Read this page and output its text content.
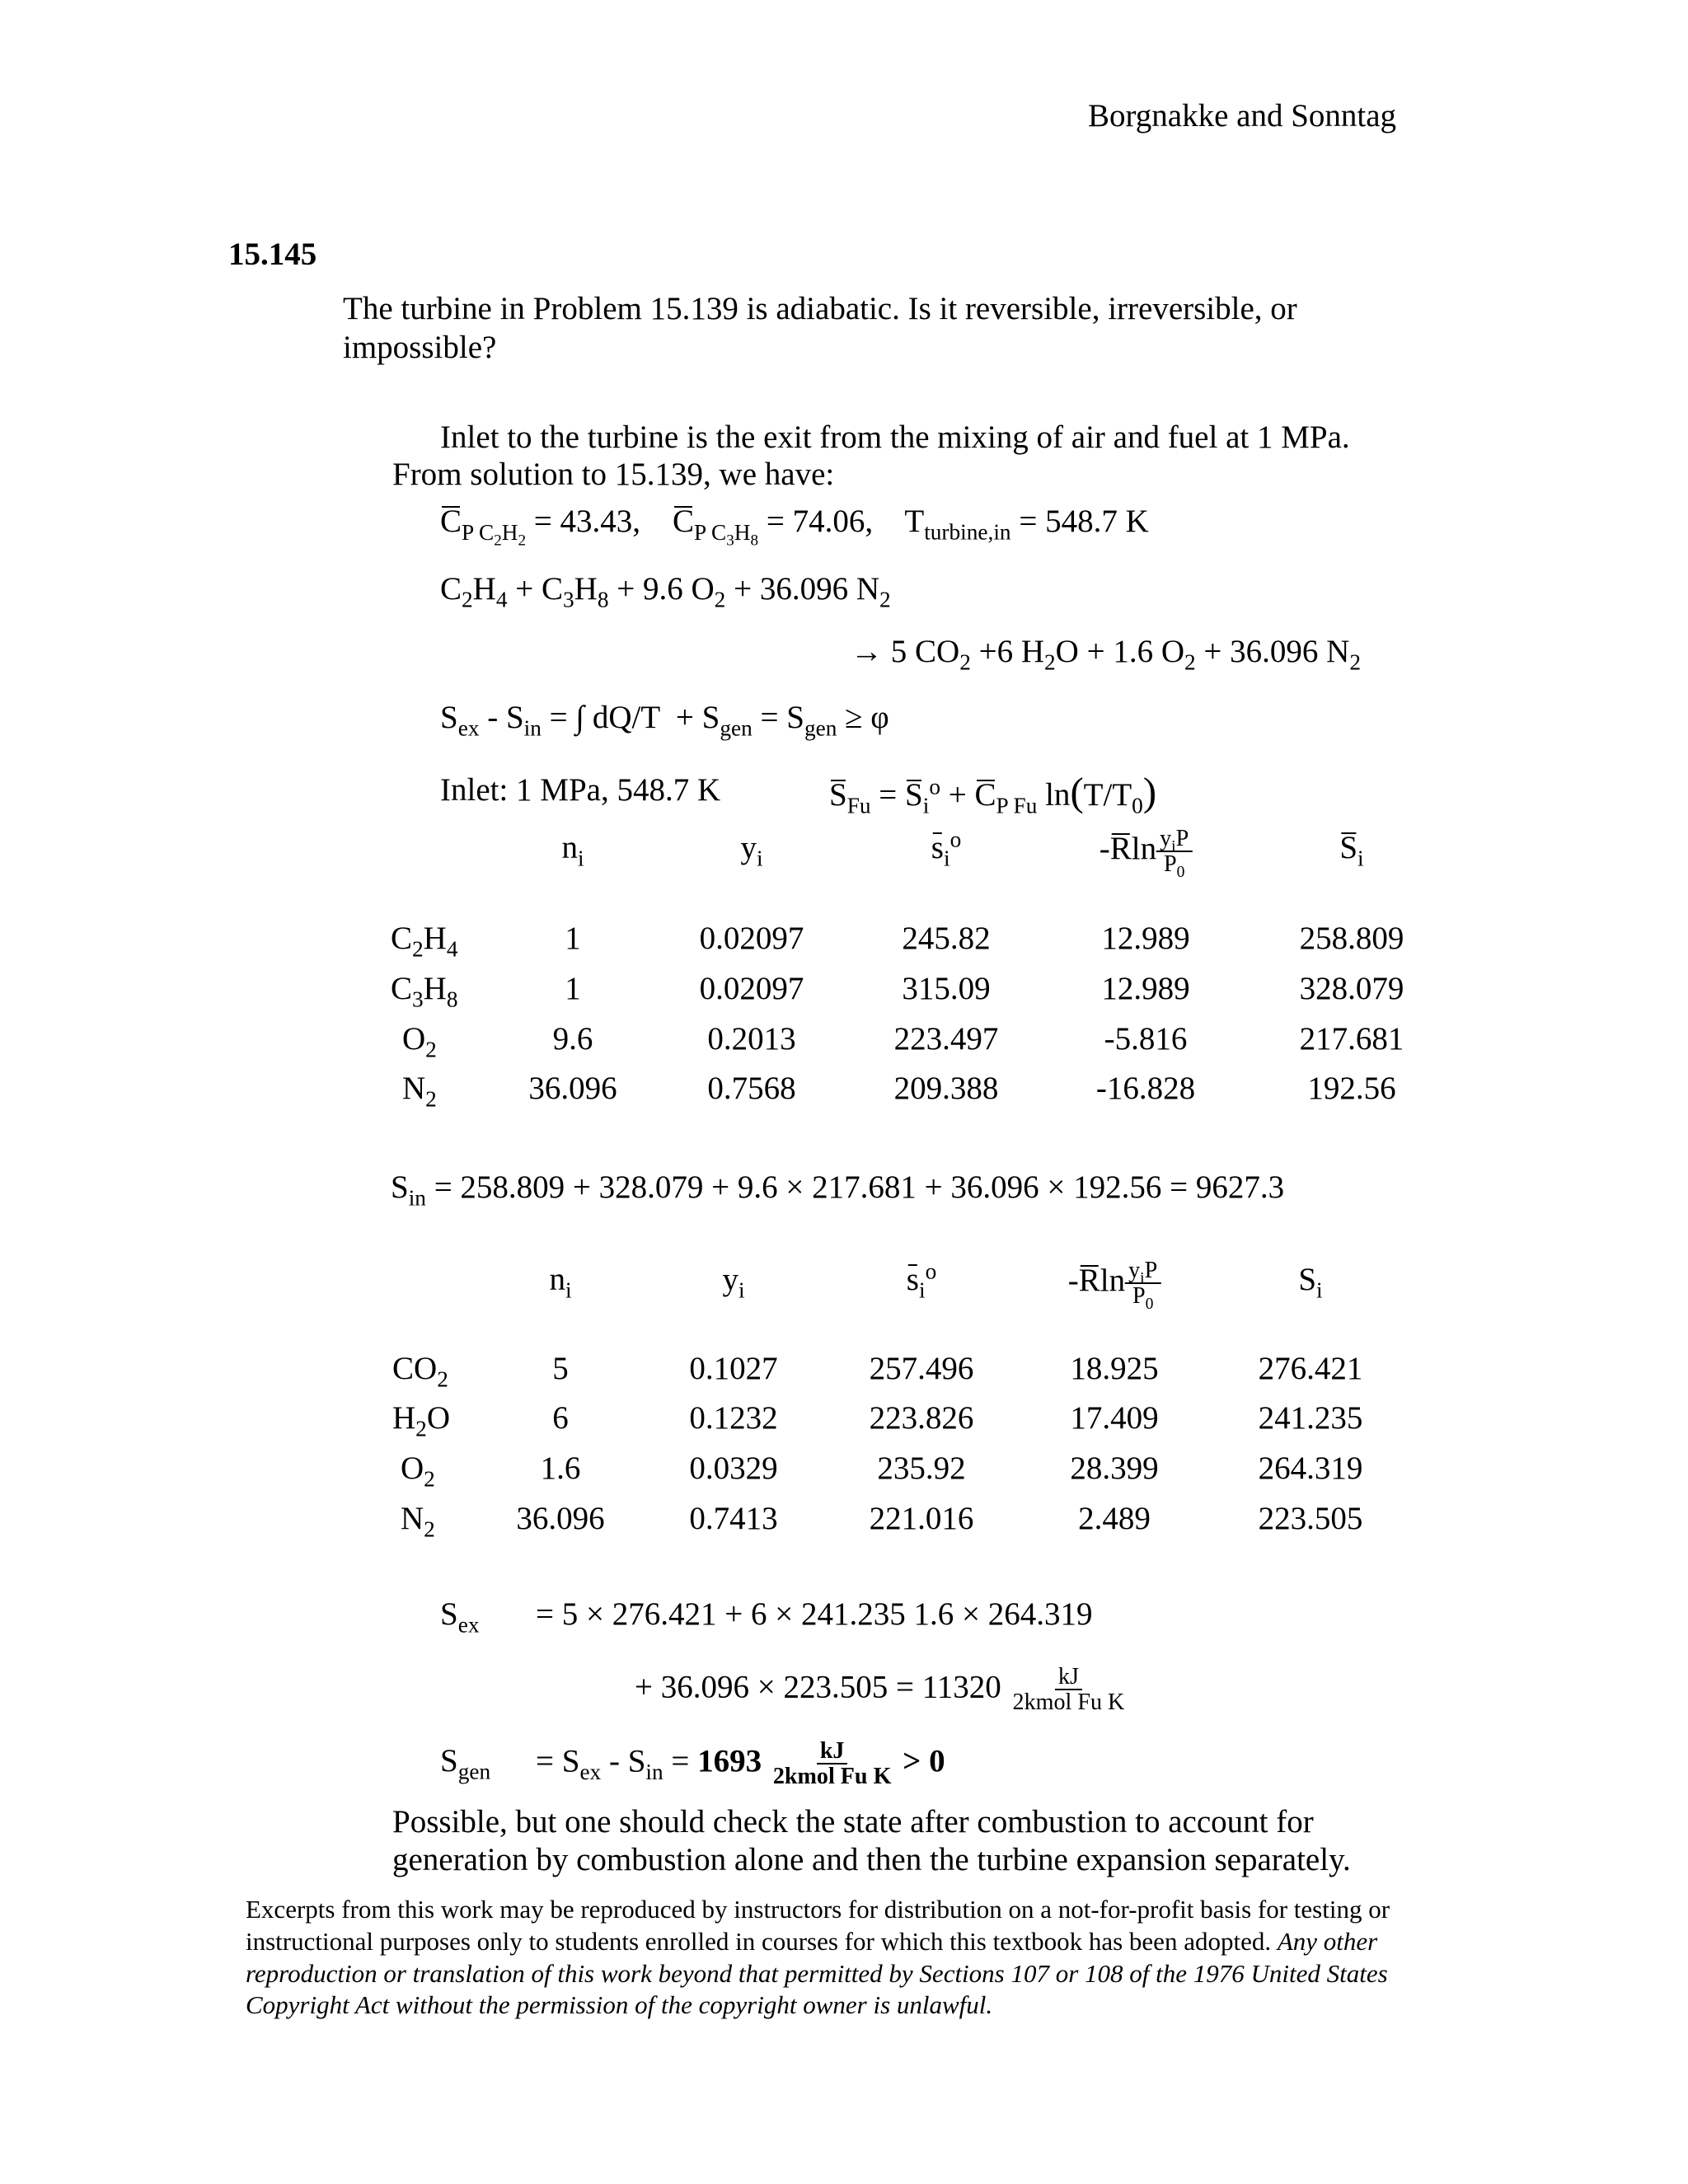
Borgnakke and Sonntag
15.145
The turbine in Problem 15.139 is adiabatic. Is it reversible, irreversible, or impossible?
Inlet to the turbine is the exit from the mixing of air and fuel at 1 MPa.
From solution to 15.139, we have:
$C_{P C_2H_2} = 43.43$,    $C_{P C_3H_8} = 74.06$,    $T_{turbine,in} = 548.7$ K
$C_2H_4 + C_3H_8 + 9.6$ $O_2 + 36.096$ $N_2$
→ 5 $CO_2 +6$ $H_2O + 1.6$ $O_2 + 36.096$ $N_2$
$S_{ex} - S_{in}$ = ∫ $dQ/T + S_{gen} = S_{gen} \ge \varphi$
Inlet: 1 MPa, 548.7 K	$S_{Fu} = S_i^o + C_{P Fu}$ $\ln(T/T_0)$
$n_i$	$y_i$	$s_i^o$	$-Rln \frac{y_iP}{P_0}$	$S_i$
$C_2H_4$	1	0.02097	245.82	12.989	258.809
$C_3H_8$	1	0.02097	315.09	12.989	328.079
$O_2$	9.6	0.2013	223.497	-5.816	217.681
$N_2$	36.096	0.7568	209.388	-16.828	192.56
$S_{in} = 258.809 + 328.079 + 9.6 \times 217.681 + 36.096 \times 192.56 = 9627.3$
$n_i$	$y_i$	$s_i^o$	$-Rln \frac{y_iP}{P_0}$	$S_i$
$CO_2$	5	0.1027	257.496	18.925	276.421
$H_2O$	6	0.1232	223.826	17.409	241.235
$O_2$	1.6	0.0329	235.92	28.399	264.319
$N_2$	36.096	0.7413	221.016	2.489	223.505
$S_{ex} = 5 \times 276.421 + 6 \times 241.235$ 1.6 × 264.319
+ $36.096 \times 223.505 = 11320 \frac{kJ}{\text{2kmol Fu K}}$
$S_{gen} = S_{ex} - S_{in} = 1693 \frac{kJ}{\text{2kmol Fu K}} > 0$
Possible, but one should check the state after combustion to account for
generation by combustion alone and then the turbine expansion separately.
Excerpts from this work may be reproduced by instructors for distribution on a not-for-profit basis for testing or instructional purposes only to students enrolled in courses for which this textbook has been adopted. Any other reproduction or translation of this work beyond that permitted by Sections 107 or 108 of the 1976 United States Copyright Act without the permission of the copyright owner is unlawful.
